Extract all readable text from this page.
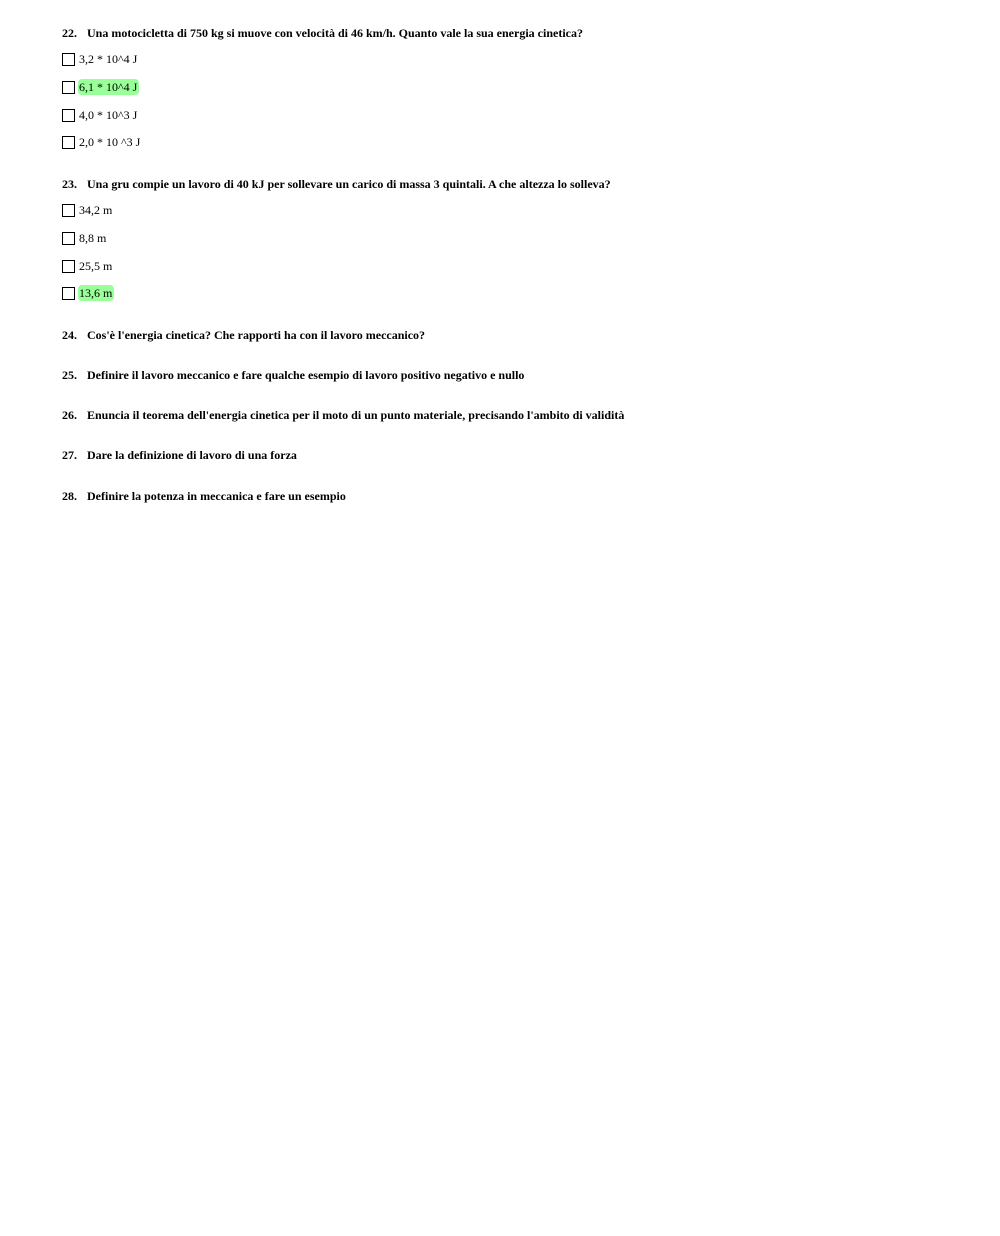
22. Una motocicletta di 750 kg si muove con velocità di 46 km/h. Quanto vale la sua energia cinetica?
3,2 * 10^4 J
6,1 * 10^4 J
4,0 * 10^3 J
2,0 * 10 ^3 J
23. Una gru compie un lavoro di 40 kJ per sollevare un carico di massa 3 quintali. A che altezza lo solleva?
34,2 m
8,8 m
25,5 m
13,6 m
24. Cos'è l'energia cinetica? Che rapporti ha con il lavoro meccanico?
25. Definire il lavoro meccanico e fare qualche esempio di lavoro positivo negativo e nullo
26. Enuncia il teorema dell'energia cinetica per il moto di un punto materiale, precisando l'ambito di validità
27. Dare la definizione di lavoro di una forza
28. Definire la potenza in meccanica e fare un esempio
